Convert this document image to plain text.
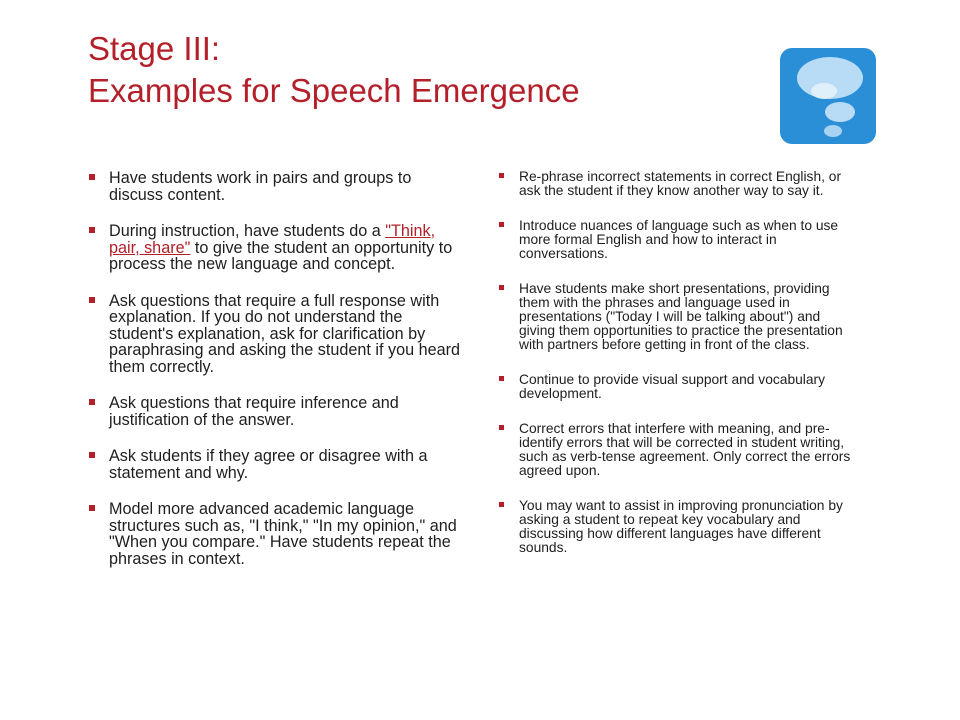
Stage III:
Examples for Speech Emergence
Have students work in pairs and groups to discuss content.
During instruction, have students do a "Think, pair, share" to give the student an opportunity to process the new language and concept.
Ask questions that require a full response with explanation. If you do not understand the student's explanation, ask for clarification by paraphrasing and asking the student if you heard them correctly.
Ask questions that require inference and justification of the answer.
Ask students if they agree or disagree with a statement and why.
Model more advanced academic language structures such as, "I think," "In my opinion," and "When you compare." Have students repeat the phrases in context.
Re-phrase incorrect statements in correct English, or ask the student if they know another way to say it.
Introduce nuances of language such as when to use more formal English and how to interact in conversations.
Have students make short presentations, providing them with the phrases and language used in presentations ("Today I will be talking about") and giving them opportunities to practice the presentation with partners before getting in front of the class.
Continue to provide visual support and vocabulary development.
Correct errors that interfere with meaning, and pre-identify errors that will be corrected in student writing, such as verb-tense agreement. Only correct the errors agreed upon.
You may want to assist in improving pronunciation by asking a student to repeat key vocabulary and discussing how different languages have different sounds.
